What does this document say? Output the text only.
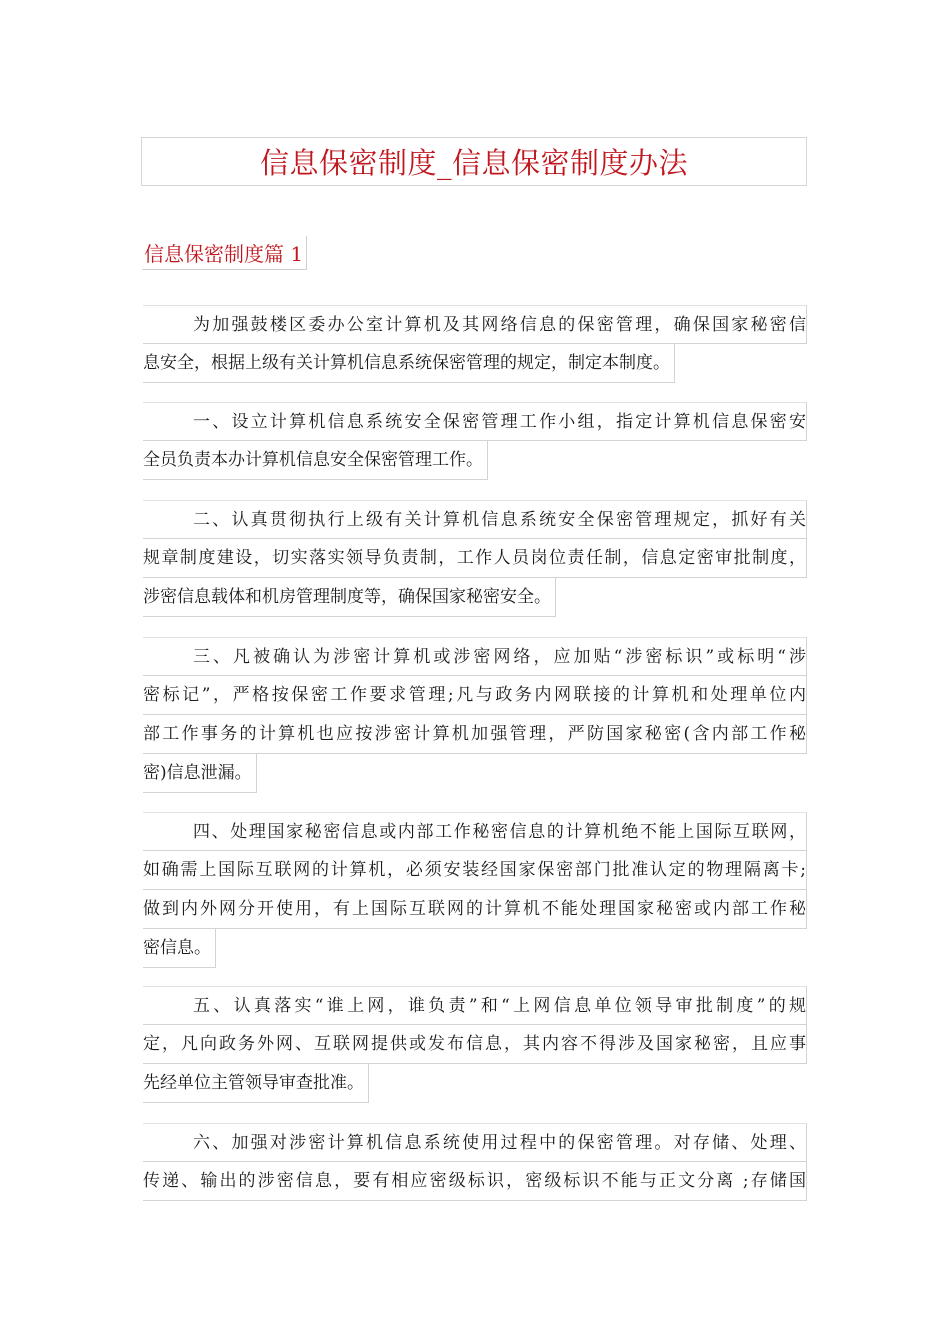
信息保密制度_信息保密制度办法
信息保密制度篇 1
为加强鼓楼区委办公室计算机及其网络信息的保密管理，确保国家秘密信
息安全，根据上级有关计算机信息系统保密管理的规定，制定本制度。
一、设立计算机信息系统安全保密管理工作小组，指定计算机信息保密安
全员负责本办计算机信息安全保密管理工作。
二、认真贯彻执行上级有关计算机信息系统安全保密管理规定，抓好有关
规章制度建设，切实落实领导负责制，工作人员岗位责任制，信息定密审批制度，
涉密信息载体和机房管理制度等，确保国家秘密安全。
三、凡被确认为涉密计算机或涉密网络，应加贴“涉密标识”或标明“涉
密标记”，严格按保密工作要求管理;凡与政务内网联接的计算机和处理单位内
部工作事务的计算机也应按涉密计算机加强管理，严防国家秘密(含内部工作秘
密)信息泄漏。
四、处理国家秘密信息或内部工作秘密信息的计算机绝不能上国际互联网，
如确需上国际互联网的计算机，必须安装经国家保密部门批准认定的物理隔离卡;
做到内外网分开使用，有上国际互联网的计算机不能处理国家秘密或内部工作秘
密信息。
五、认真落实“谁上网，谁负责”和“上网信息单位领导审批制度”的规
定，凡向政务外网、互联网提供或发布信息，其内容不得涉及国家秘密，且应事
先经单位主管领导审查批准。
六、加强对涉密计算机信息系统使用过程中的保密管理。对存储、处理、
传递、输出的涉密信息，要有相应密级标识，密级标识不能与正文分离 ;存储国
